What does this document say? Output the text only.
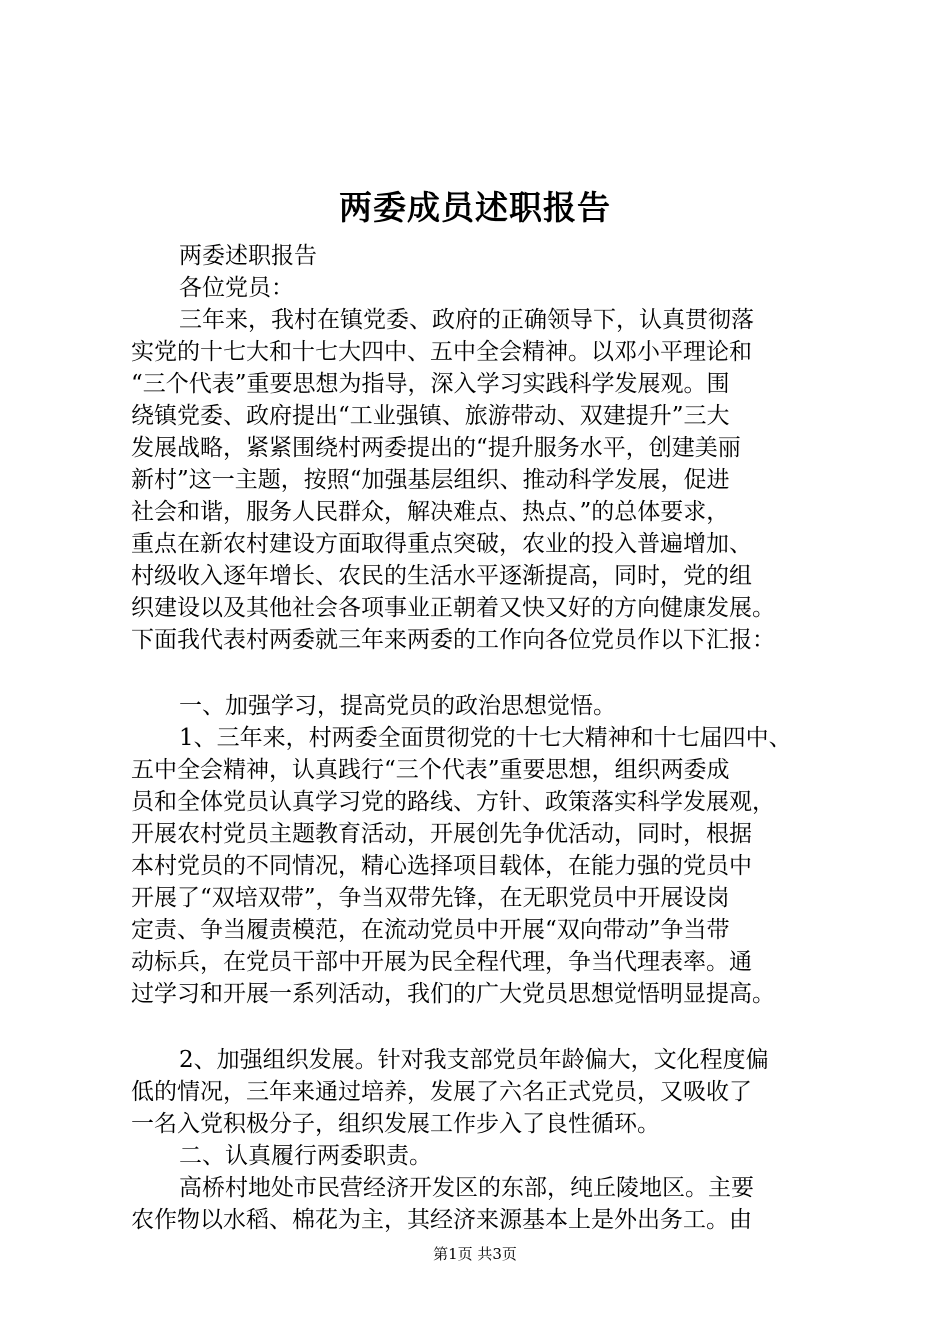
两委成员述职报告
两委述职报告
各位党员：
三年来，我村在镇党委、政府的正确领导下，认真贯彻落
实党的十七大和十七大四中、五中全会精神。以邓小平理论和
“三个代表”重要思想为指导，深入学习实践科学发展观。围
绕镇党委、政府提出“工业强镇、旅游带动、双建提升”三大
发展战略，紧紧围绕村两委提出的“提升服务水平，创建美丽
新村”这一主题，按照“加强基层组织、推动科学发展，促进
社会和谐，服务人民群众，解决难点、热点、”的总体要求，
重点在新农村建设方面取得重点突破，农业的投入普遍增加、
村级收入逐年增长、农民的生活水平逐渐提高，同时，党的组
织建设以及其他社会各项事业正朝着又快又好的方向健康发展。
下面我代表村两委就三年来两委的工作向各位党员作以下汇报：
一、加强学习，提高党员的政治思想觉悟。
1、三年来，村两委全面贯彻党的十七大精神和十七届四中、
五中全会精神，认真践行“三个代表”重要思想，组织两委成
员和全体党员认真学习党的路线、方针、政策落实科学发展观，
开展农村党员主题教育活动，开展创先争优活动，同时，根据
本村党员的不同情况，精心选择项目载体，在能力强的党员中
开展了“双培双带”，争当双带先锋，在无职党员中开展设岗
定责、争当履责模范，在流动党员中开展“双向带动”争当带
动标兵，在党员干部中开展为民全程代理，争当代理表率。通
过学习和开展一系列活动，我们的广大党员思想觉悟明显提高。
2、加强组织发展。针对我支部党员年龄偏大，文化程度偏
低的情况，三年来通过培养，发展了六名正式党员，又吸收了
一名入党积极分子，组织发展工作步入了良性循环。
二、认真履行两委职责。
高桥村地处市民营经济开发区的东部，纯丘陵地区。主要
农作物以水稻、棉花为主，其经济来源基本上是外出务工。由
第1页 共3页
